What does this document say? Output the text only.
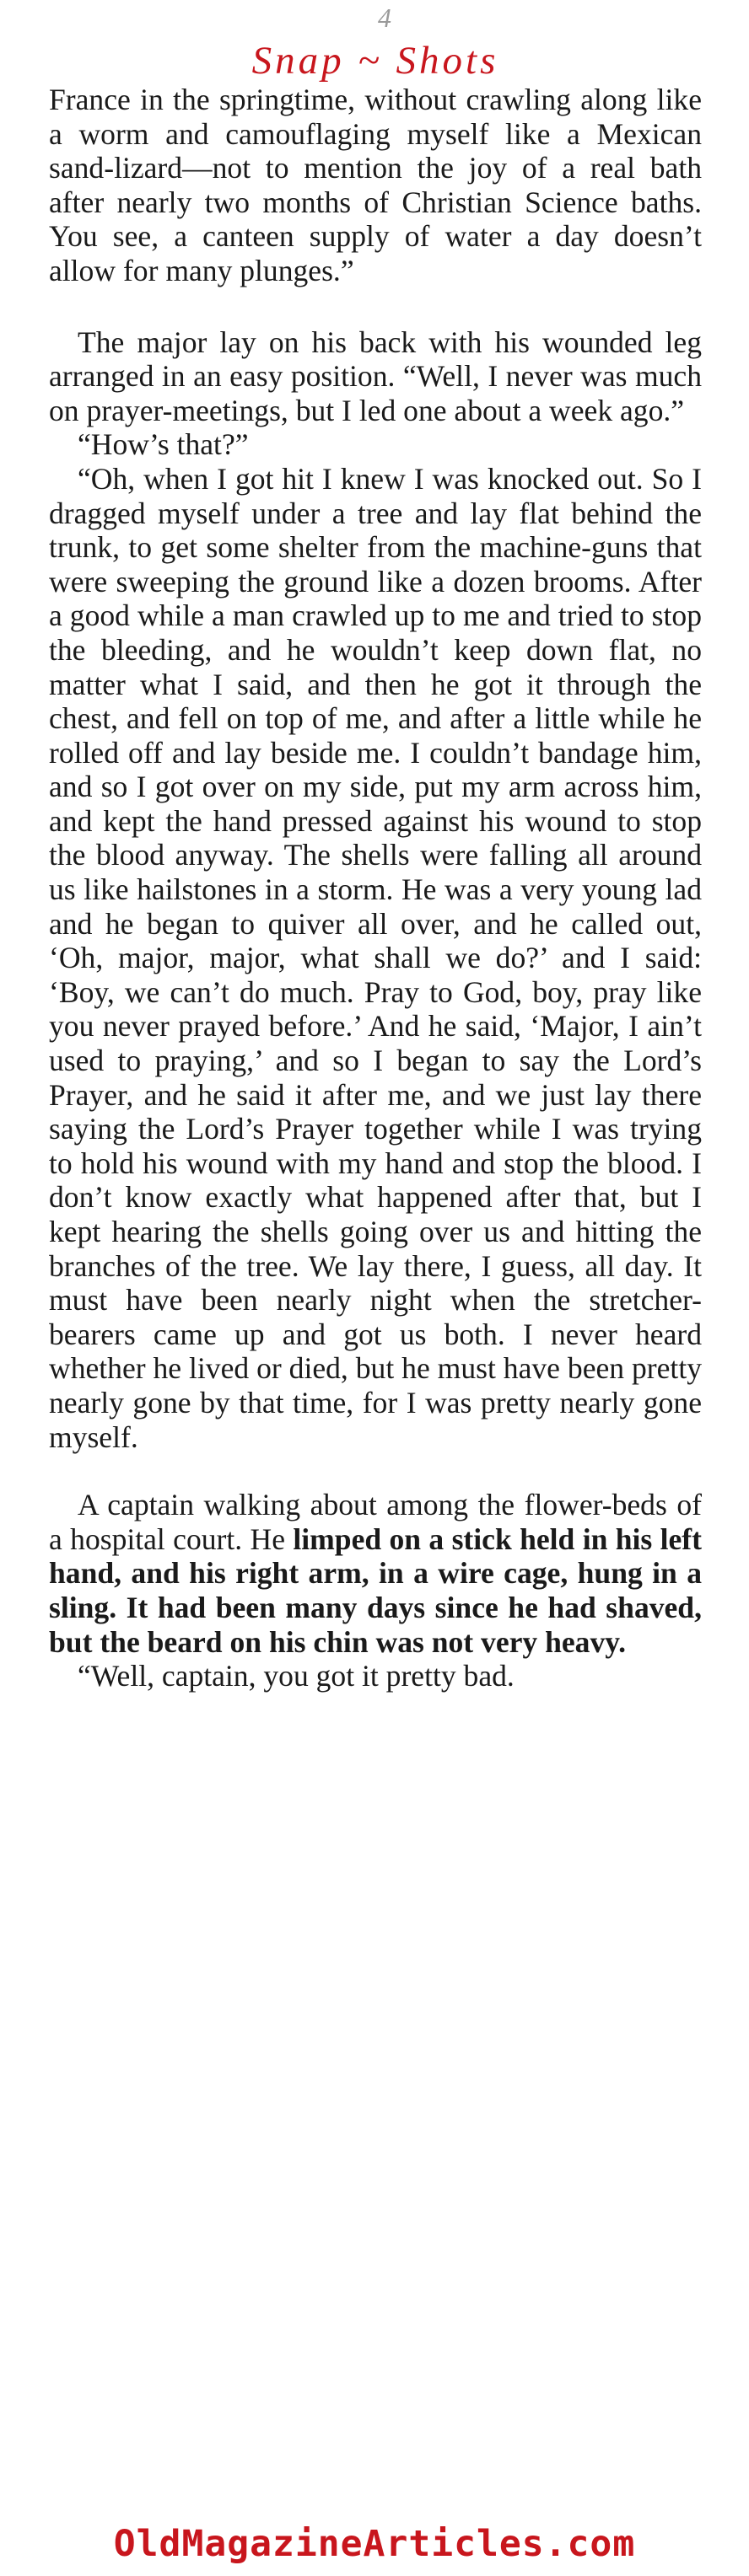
4
Snap ~ Shots

France in the springtime, without crawling along like a worm and camouflaging myself like a Mexican sand-lizard—not to mention the joy of a real bath after nearly two months of Christian Science baths. You see, a canteen supply of water a day doesn’t allow for many plunges.”

The major lay on his back with his wounded leg arranged in an easy position. “Well, I never was much on prayer-meetings, but I led one about a week ago.”

“How’s that?”

“Oh, when I got hit I knew I was knocked out. So I dragged myself under a tree and lay flat behind the trunk, to get some shelter from the machine-guns that were sweeping the ground like a dozen brooms. After a good while a man crawled up to me and tried to stop the bleeding, and he wouldn’t keep down flat, no matter what I said, and then he got it through the chest, and fell on top of me, and after a little while he rolled off and lay beside me. I couldn’t bandage him, and so I got over on my side, put my arm across him, and kept the hand pressed against his wound to stop the blood anyway. The shells were falling all around us like hailstones in a storm. He was a very young lad and he began to quiver all over, and he called out, ‘Oh, major, major, what shall we do?’ and I said: ‘Boy, we can’t do much. Pray to God, boy, pray like you never prayed before.’ And he said, ‘Major, I ain’t used to praying,’ and so I began to say the Lord’s Prayer, and he said it after me, and we just lay there saying the Lord’s Prayer together while I was trying to hold his wound with my hand and stop the blood. I don’t know exactly what happened after that, but I kept hearing the shells going over us and hitting the branches of the tree. We lay there, I guess, all day. It must have been nearly night when the stretcher-bearers came up and got us both. I never heard whether he lived or died, but he must have been pretty nearly gone by that time, for I was pretty nearly gone myself.

A captain walking about among the flower-beds of a hospital court. He limped on a stick held in his left hand, and his right arm, in a wire cage, hung in a sling. It had been many days since he had shaved, but the beard on his chin was not very heavy.

“Well, captain, you got it pretty bad.

OldMagazineArticles.com
